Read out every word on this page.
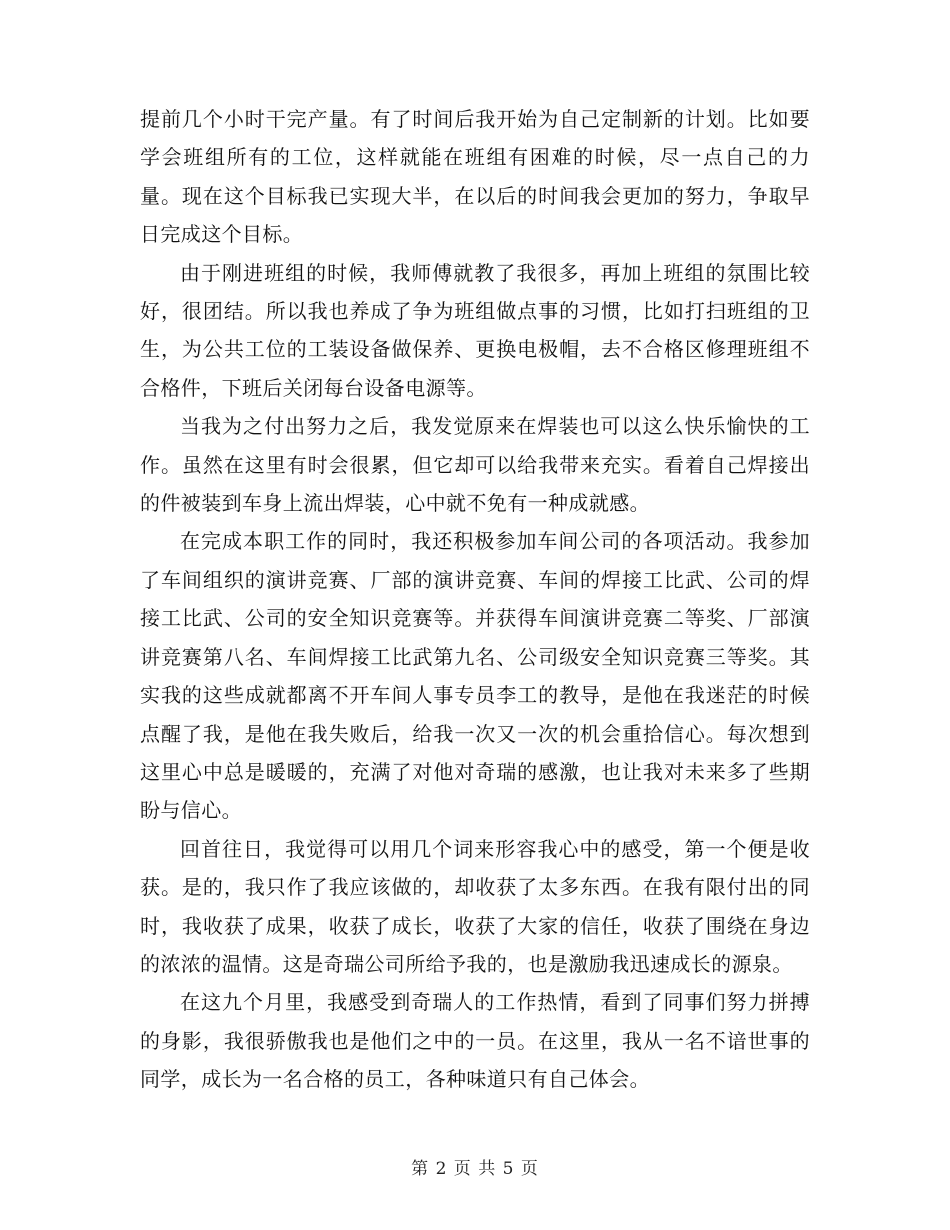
提前几个小时干完产量。有了时间后我开始为自己定制新的计划。比如要学会班组所有的工位，这样就能在班组有困难的时候，尽一点自己的力量。现在这个目标我已实现大半，在以后的时间我会更加的努力，争取早日完成这个目标。

由于刚进班组的时候，我师傅就教了我很多，再加上班组的氛围比较好，很团结。所以我也养成了争为班组做点事的习惯，比如打扫班组的卫生，为公共工位的工装设备做保养、更换电极帽，去不合格区修理班组不合格件，下班后关闭每台设备电源等。

当我为之付出努力之后，我发觉原来在焊装也可以这么快乐愉快的工作。虽然在这里有时会很累，但它却可以给我带来充实。看着自己焊接出的件被装到车身上流出焊装，心中就不免有一种成就感。

在完成本职工作的同时，我还积极参加车间公司的各项活动。我参加了车间组织的演讲竞赛、厂部的演讲竞赛、车间的焊接工比武、公司的焊接工比武、公司的安全知识竞赛等。并获得车间演讲竞赛二等奖、厂部演讲竞赛第八名、车间焊接工比武第九名、公司级安全知识竞赛三等奖。其实我的这些成就都离不开车间人事专员李工的教导，是他在我迷茫的时候点醒了我，是他在我失败后，给我一次又一次的机会重拾信心。每次想到这里心中总是暖暖的，充满了对他对奇瑞的感激，也让我对未来多了些期盼与信心。

回首往日，我觉得可以用几个词来形容我心中的感受，第一个便是收获。是的，我只作了我应该做的，却收获了太多东西。在我有限付出的同时，我收获了成果，收获了成长，收获了大家的信任，收获了围绕在身边的浓浓的温情。这是奇瑞公司所给予我的，也是激励我迅速成长的源泉。

在这九个月里，我感受到奇瑞人的工作热情，看到了同事们努力拼搏的身影，我很骄傲我也是他们之中的一员。在这里，我从一名不谙世事的同学，成长为一名合格的员工，各种味道只有自己体会。

第 2 页 共 5 页
